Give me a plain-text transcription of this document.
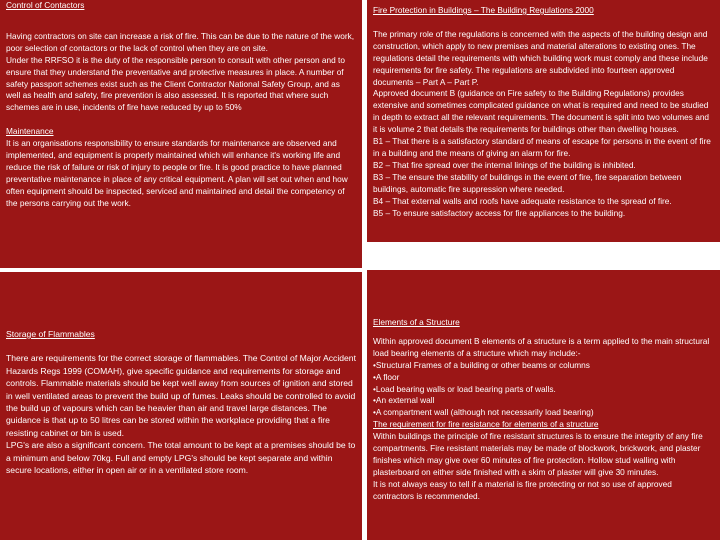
Control of Contactors

Having contractors on site can increase a risk of fire. This can be due to the nature of the work, poor selection of contactors or the lack of control when they are on site.

Under the RRFSO it is the duty of the responsible person to consult with other person and to ensure that they understand the preventative and protective measures in place. A number of safety passport schemes exist such as the Client Contractor National Safety Group, and as well as health and safety, fire prevention is also assessed. It is reported that where such schemes are in use, incidents of fire have reduced by up to 50%

Maintenance

It is an organisations responsibility to ensure standards for maintenance are observed and implemented, and equipment is properly maintained which will enhance it's working life and reduce the risk of failure or risk of injury to people or fire. It is good practice to have planned preventative maintenance in place of any critical equipment. A plan will set out when and how often equipment should be inspected, serviced and maintained and detail the competency of the persons carrying out the work.

Fire Protection in Buildings – The Building Regulations 2000

The primary role of the regulations is concerned with the aspects of the building design and construction, which apply to new premises and material alterations to existing ones. The regulations detail the requirements with which building work must comply and these include requirements for fire safety. The regulations are subdivided into fourteen approved documents – Part A – Part P.

Approved document B (guidance on Fire safety to the Building Regulations) provides extensive and sometimes complicated guidance on what is required and need to be studied in depth to extract all the relevant requirements. The document is split into two volumes and it is volume 2 that details the requirements for buildings other than dwelling houses.

B1 – That there is a satisfactory standard of means of escape for persons in the event of fire in a building and the means of giving an alarm for fire.

B2 – That fire spread over the internal linings of the building is inhibited.

B3 – The ensure the stability of buildings in the event of fire, fire separation between buildings, automatic fire suppression where needed.

B4 – That external walls and roofs have adequate resistance to the spread of fire.

B5 – To ensure satisfactory access for fire appliances to the building.

Storage of Flammables

There are requirements for the correct storage of flammables. The Control of Major Accident Hazards Regs 1999 (COMAH), give specific guidance and requirements for storage and controls. Flammable materials should be kept well away from sources of ignition and stored in well ventilated areas to prevent the build up of fumes. Leaks should be controlled to avoid the build up of vapours which can be heavier than air and travel large distances. The guidance is that up to 50 litres can be stored within the workplace providing that a fire resisting cabinet or bin is used.

LPG's are also a significant concern. The total amount to be kept at a premises should be to a minimum and below 70kg. Full and empty LPG's should be kept separate and within secure locations, either in open air or in a ventilated store room.

Elements of a Structure

Within approved document B elements of a structure is a term applied to the main structural load bearing elements of a structure which may include:-

•Structural Frames of a building or other beams or columns

•A floor

•Load bearing walls or load bearing parts of walls.

•An external wall

•A compartment wall (although not necessarily load bearing)

The requirement for fire resistance for elements of a structure

Within buildings the principle of fire resistant structures is to ensure the integrity of any fire compartments. Fire resistant materials may be made of blockwork, brickwork, and plaster finishes which may give over 60 minutes of fire protection. Hollow stud walling with plasterboard on either side finished with a skim of plaster will give 30 minutes.

It is not always easy to tell if a material is fire protecting or not so use of approved contractors is recommended.
